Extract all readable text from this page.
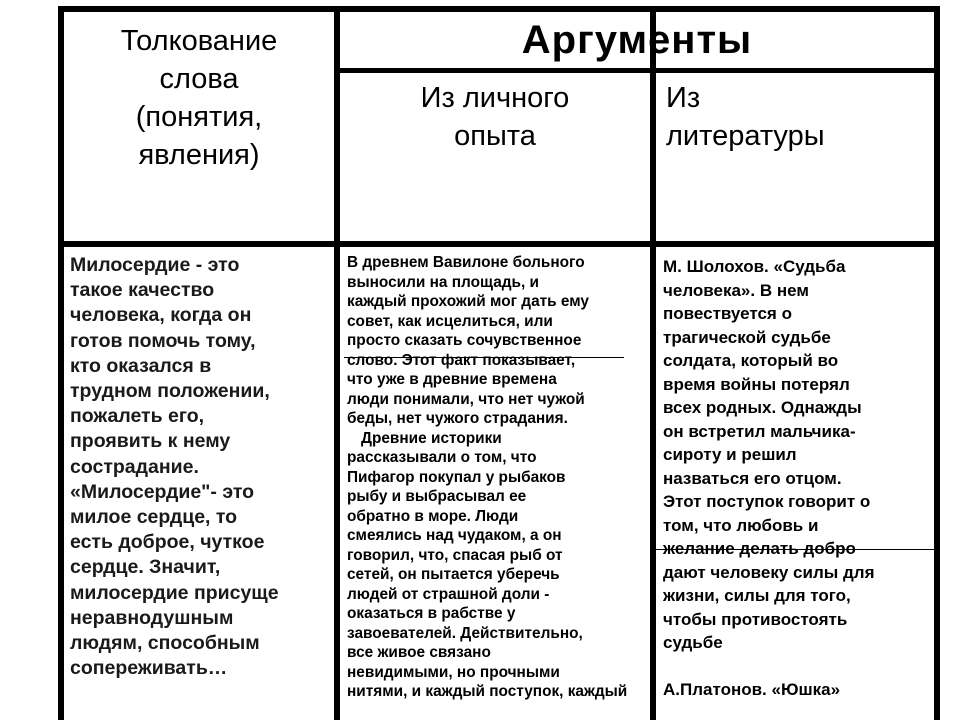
Толкование
слова
(понятия,
явления)
Аргументы
Из личного
опыта
Из
литературы
Милосердие - это
такое качество
человека, когда он
готов помочь тому,
кто оказался в
трудном положении,
пожалеть его,
проявить к нему
сострадание.
«Милосердие"- это
милое сердце, то
есть доброе, чуткое
сердце. Значит,
милосердие присуще
неравнодушным
людям, способным
сопереживать…
В древнем Вавилоне больного
выносили на площадь, и
каждый прохожий мог дать ему
совет, как исцелиться, или
просто сказать сочувственное
слово. Этот факт показывает,
что уже в древние времена
люди понимали, что нет чужой
беды, нет чужого страдания.
Древние историки
рассказывали о том, что
Пифагор покупал у рыбаков
рыбу и выбрасывал ее
обратно в море. Люди
смеялись над чудаком, а он
говорил, что, спасая рыб от
сетей, он пытается уберечь
людей от страшной доли -
оказаться в рабстве у
завоевателей. Действительно,
все живое связано
невидимыми, но прочными
нитями, и каждый поступок, каждый
М. Шолохов. «Судьба
человека». В нем
повествуется о
трагической судьбе
солдата, который во
время войны потерял
всех родных. Однажды
он встретил мальчика-
сироту и решил
назваться его отцом.
Этот поступок говорит о
том, что любовь и
желание делать добро
дают человеку силы для
жизни, силы для того,
чтобы противостоять
судьбе
А.Платонов. «Юшка»
